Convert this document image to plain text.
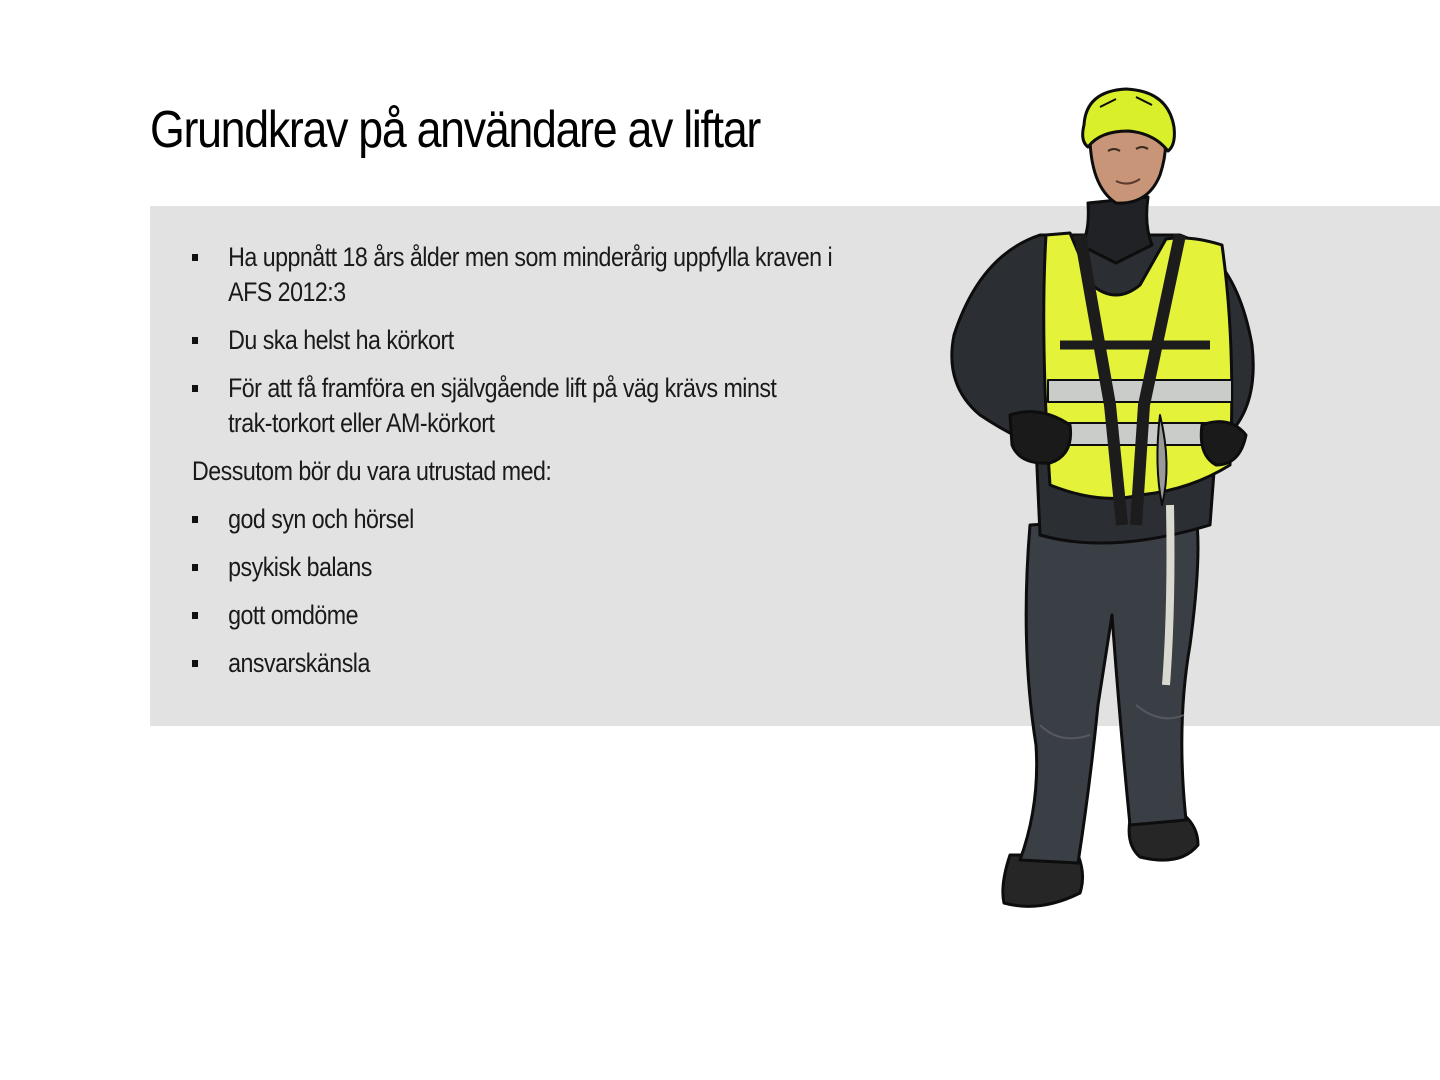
Grundkrav på användare av liftar
Ha uppnått 18 års ålder men som minderårig uppfylla kraven i AFS 2012:3
Du ska helst ha körkort
För att få framföra en självgående lift på väg krävs minst trak-torkort eller AM-körkort

Dessutom bör du vara utrustad med:

god syn och hörsel
psykisk balans
gott omdöme
ansvarskänsla
